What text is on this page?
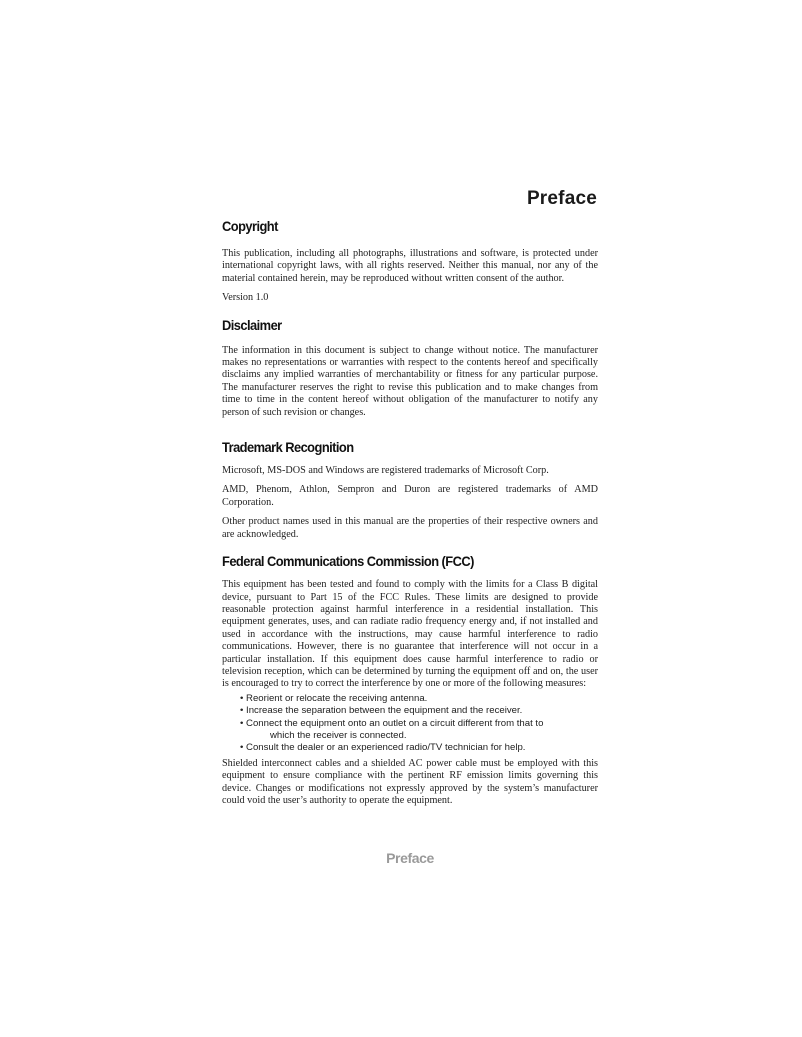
Preface
Copyright

This publication, including all photographs, illustrations and software, is protected under international copyright laws, with all rights reserved. Neither this manual, nor any of the material contained herein, may be reproduced without written consent of the author.

Version 1.0

Disclaimer

The information in this document is subject to change without notice. The manufacturer makes no representations or warranties with respect to the contents hereof and specifically disclaims any implied warranties of merchantability or fitness for any particular purpose. The manufacturer reserves the right to revise this publication and to make changes from time to time in the content hereof without obligation of the manufacturer to notify any person of such revision or changes.

Trademark Recognition

Microsoft, MS-DOS and Windows are registered trademarks of Microsoft Corp.

AMD, Phenom, Athlon, Sempron and Duron are registered trademarks of AMD Corporation.

Other product names used in this manual are the properties of their respective owners and are acknowledged.

Federal Communications Commission (FCC)

This equipment has been tested and found to comply with the limits for a Class B digital device, pursuant to Part 15 of the FCC Rules. These limits are designed to provide reasonable protection against harmful interference in a residential installation. This equipment generates, uses, and can radiate radio frequency energy and, if not installed and used in accordance with the instructions, may cause harmful interference to radio communications. However, there is no guarantee that interference will not occur in a particular installation. If this equipment does cause harmful interference to radio or television reception, which can be determined by turning the equipment off and on, the user is encouraged to try to correct the interference by one or more of the following measures:

• Reorient or relocate the receiving antenna.
• Increase the separation between the equipment and the receiver.
• Connect the equipment onto an outlet on a circuit different from that to
which the receiver is connected.
• Consult the dealer or an experienced radio/TV technician for help.

Shielded interconnect cables and a shielded AC power cable must be employed with this equipment to ensure compliance with the pertinent RF emission limits governing this device. Changes or modifications not expressly approved by the system’s manufacturer could void the user’s authority to operate the equipment.

Preface
